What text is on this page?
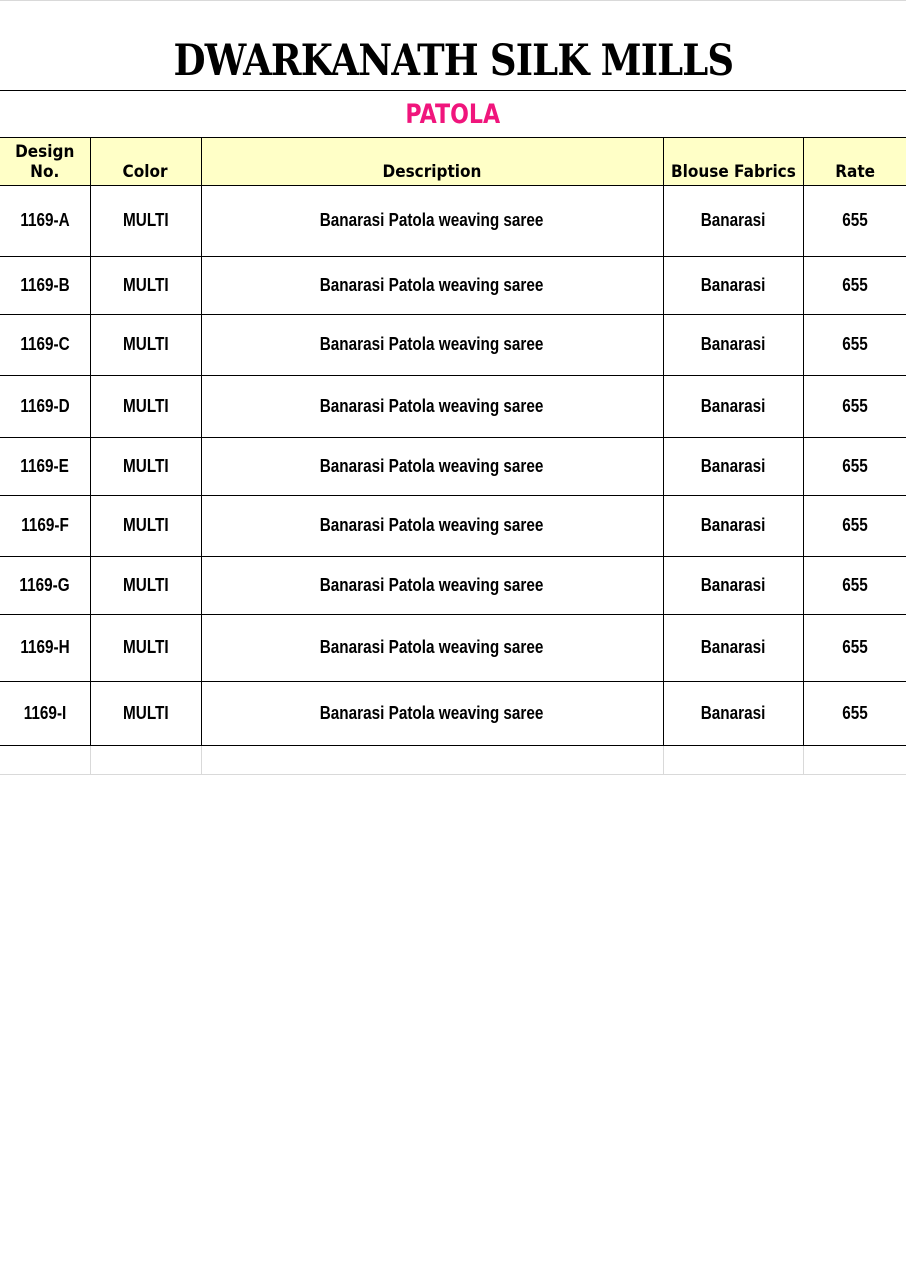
DWARKANATH SILK MILLS
PATOLA
Design No.	Color	Description	Blouse Fabrics	Rate
1169-A	MULTI	Banarasi Patola weaving saree	Banarasi	655
1169-B	MULTI	Banarasi Patola weaving saree	Banarasi	655
1169-C	MULTI	Banarasi Patola weaving saree	Banarasi	655
1169-D	MULTI	Banarasi Patola weaving saree	Banarasi	655
1169-E	MULTI	Banarasi Patola weaving saree	Banarasi	655
1169-F	MULTI	Banarasi Patola weaving saree	Banarasi	655
1169-G	MULTI	Banarasi Patola weaving saree	Banarasi	655
1169-H	MULTI	Banarasi Patola weaving saree	Banarasi	655
1169-I	MULTI	Banarasi Patola weaving saree	Banarasi	655
